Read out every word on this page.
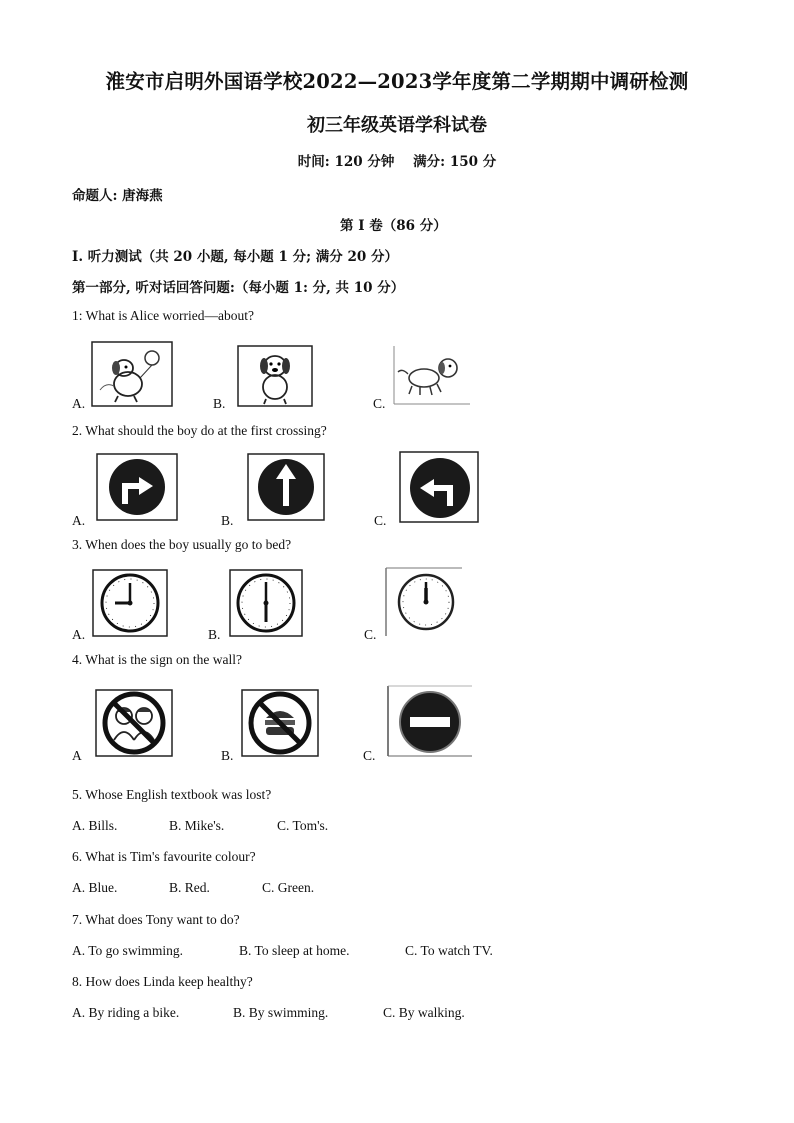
淮安市启明外国语学校2022—2023学年度第二学期期中调研检测
初三年级英语学科试卷
时间: 120 分钟    满分: 150 分
命题人: 唐海燕
第 I 卷（86 分）
I. 听力测试（共 20 小题, 每小题 1 分; 满分 20 分）
第一部分, 听对话回答问题:（每小题 1: 分, 共 10 分）
1: What is Alice worried—about?
A.	B.	C.
2. What should the boy do at the first crossing?
A.	B.	C.
3. When does the boy usually go to bed?
A.	B.	C.
4. What is the sign on the wall?
A	B.	C.
5. Whose English textbook was lost?
A. Bills.	B. Mike's.	C. Tom's.
6. What is Tim's favourite colour?
A. Blue.	B. Red.	C. Green.
7. What does Tony want to do?
A. To go swimming.	B. To sleep at home.	C. To watch TV.
8. How does Linda keep healthy?
A. By riding a bike.	B. By swimming.	C. By walking.
